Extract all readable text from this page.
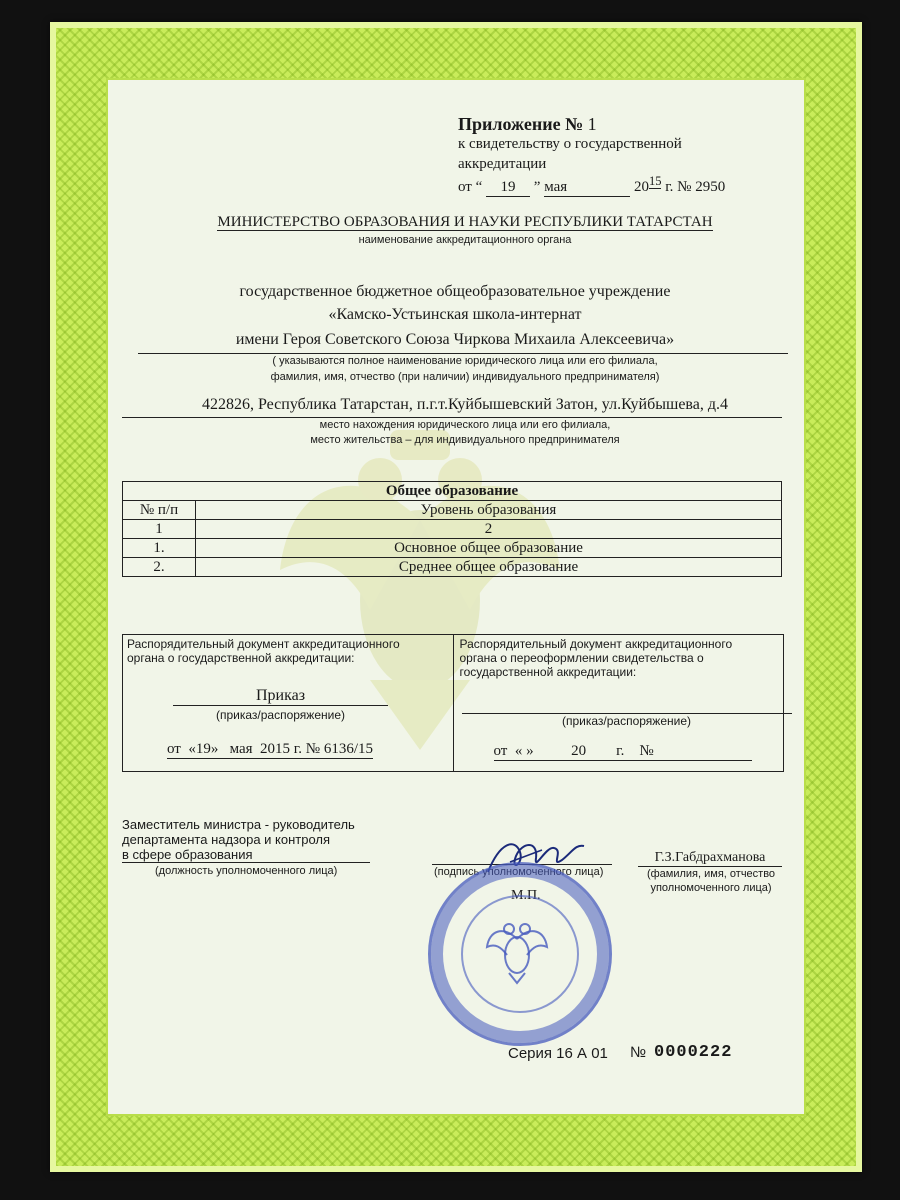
Приложение № 1
к свидетельству о государственной
аккредитации
от “ 19 ” мая	$20^{15}$ г. № 2950
МИНИСТЕРСТВО ОБРАЗОВАНИЯ И НАУКИ РЕСПУБЛИКИ ТАТАРСТАН
наименование аккредитационного органа
государственное бюджетное общеобразовательное учреждение
«Камско-Устьинская школа-интернат
имени Героя Советского Союза Чиркова Михаила Алексеевича»
( указываются полное наименование юридического лица или его филиала,
фамилия, имя, отчество (при наличии) индивидуального предпринимателя)
422826, Республика Татарстан, п.г.т.Куйбышевский Затон, ул.Куйбышева, д.4
место нахождения юридического лица или его филиала,
место жительства – для индивидуального предпринимателя
Общее образование	
№ п/п	Уровень образования
1	2
1.	Основное общее образование
2.	Среднее общее образование
Распорядительный документ аккредитационного
органа о государственной аккредитации:
Приказ
(приказ/распоряжение)
от  «19»   мая  2015 г. № 6136/15
Распорядительный документ аккредитационного
органа о переоформлении свидетельства о
государственной аккредитации:
(приказ/распоряжение)
от  « »          20        г.    №
Заместитель министра - руководитель
департамента надзора и контроля
в сфере образования
(должность уполномоченного лица)	(подпись уполномоченного лица)
М.П.
Г.З.Габдрахманова
(фамилия, имя, отчество
уполномоченного лица)
Серия 16 А 01 № 0000222
